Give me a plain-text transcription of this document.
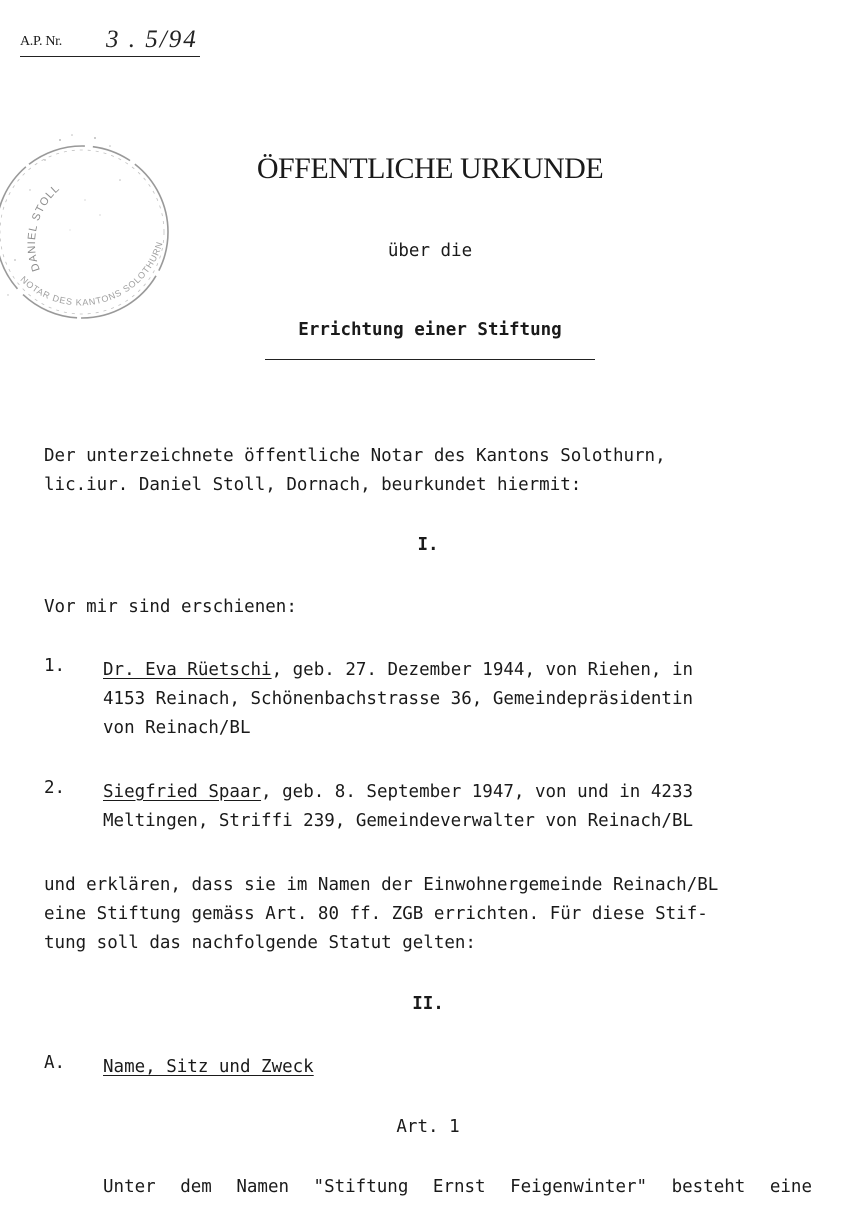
A.P. Nr. 3 . 5/94
DANIEL STOLL
NOTAR DES KANTONS SOLOTHURN
ÖFFENTLICHE URKUNDE
über die
Errichtung einer Stiftung
Der unterzeichnete öffentliche Notar des Kantons Solothurn,
lic.iur. Daniel Stoll, Dornach, beurkundet hiermit:
I.
Vor mir sind erschienen:
1. Dr. Eva Rüetschi, geb. 27. Dezember 1944, von Riehen, in
4153 Reinach, Schönenbachstrasse 36, Gemeindepräsidentin
von Reinach/BL
2. Siegfried Spaar, geb. 8. September 1947, von und in 4233
Meltingen, Striffi 239, Gemeindeverwalter von Reinach/BL
und erklären, dass sie im Namen der Einwohnergemeinde Reinach/BL
eine Stiftung gemäss Art. 80 ff. ZGB errichten. Für diese Stif-
tung soll das nachfolgende Statut gelten:
II.
A. Name, Sitz und Zweck
Art. 1
Unter dem Namen "Stiftung Ernst Feigenwinter" besteht eine
